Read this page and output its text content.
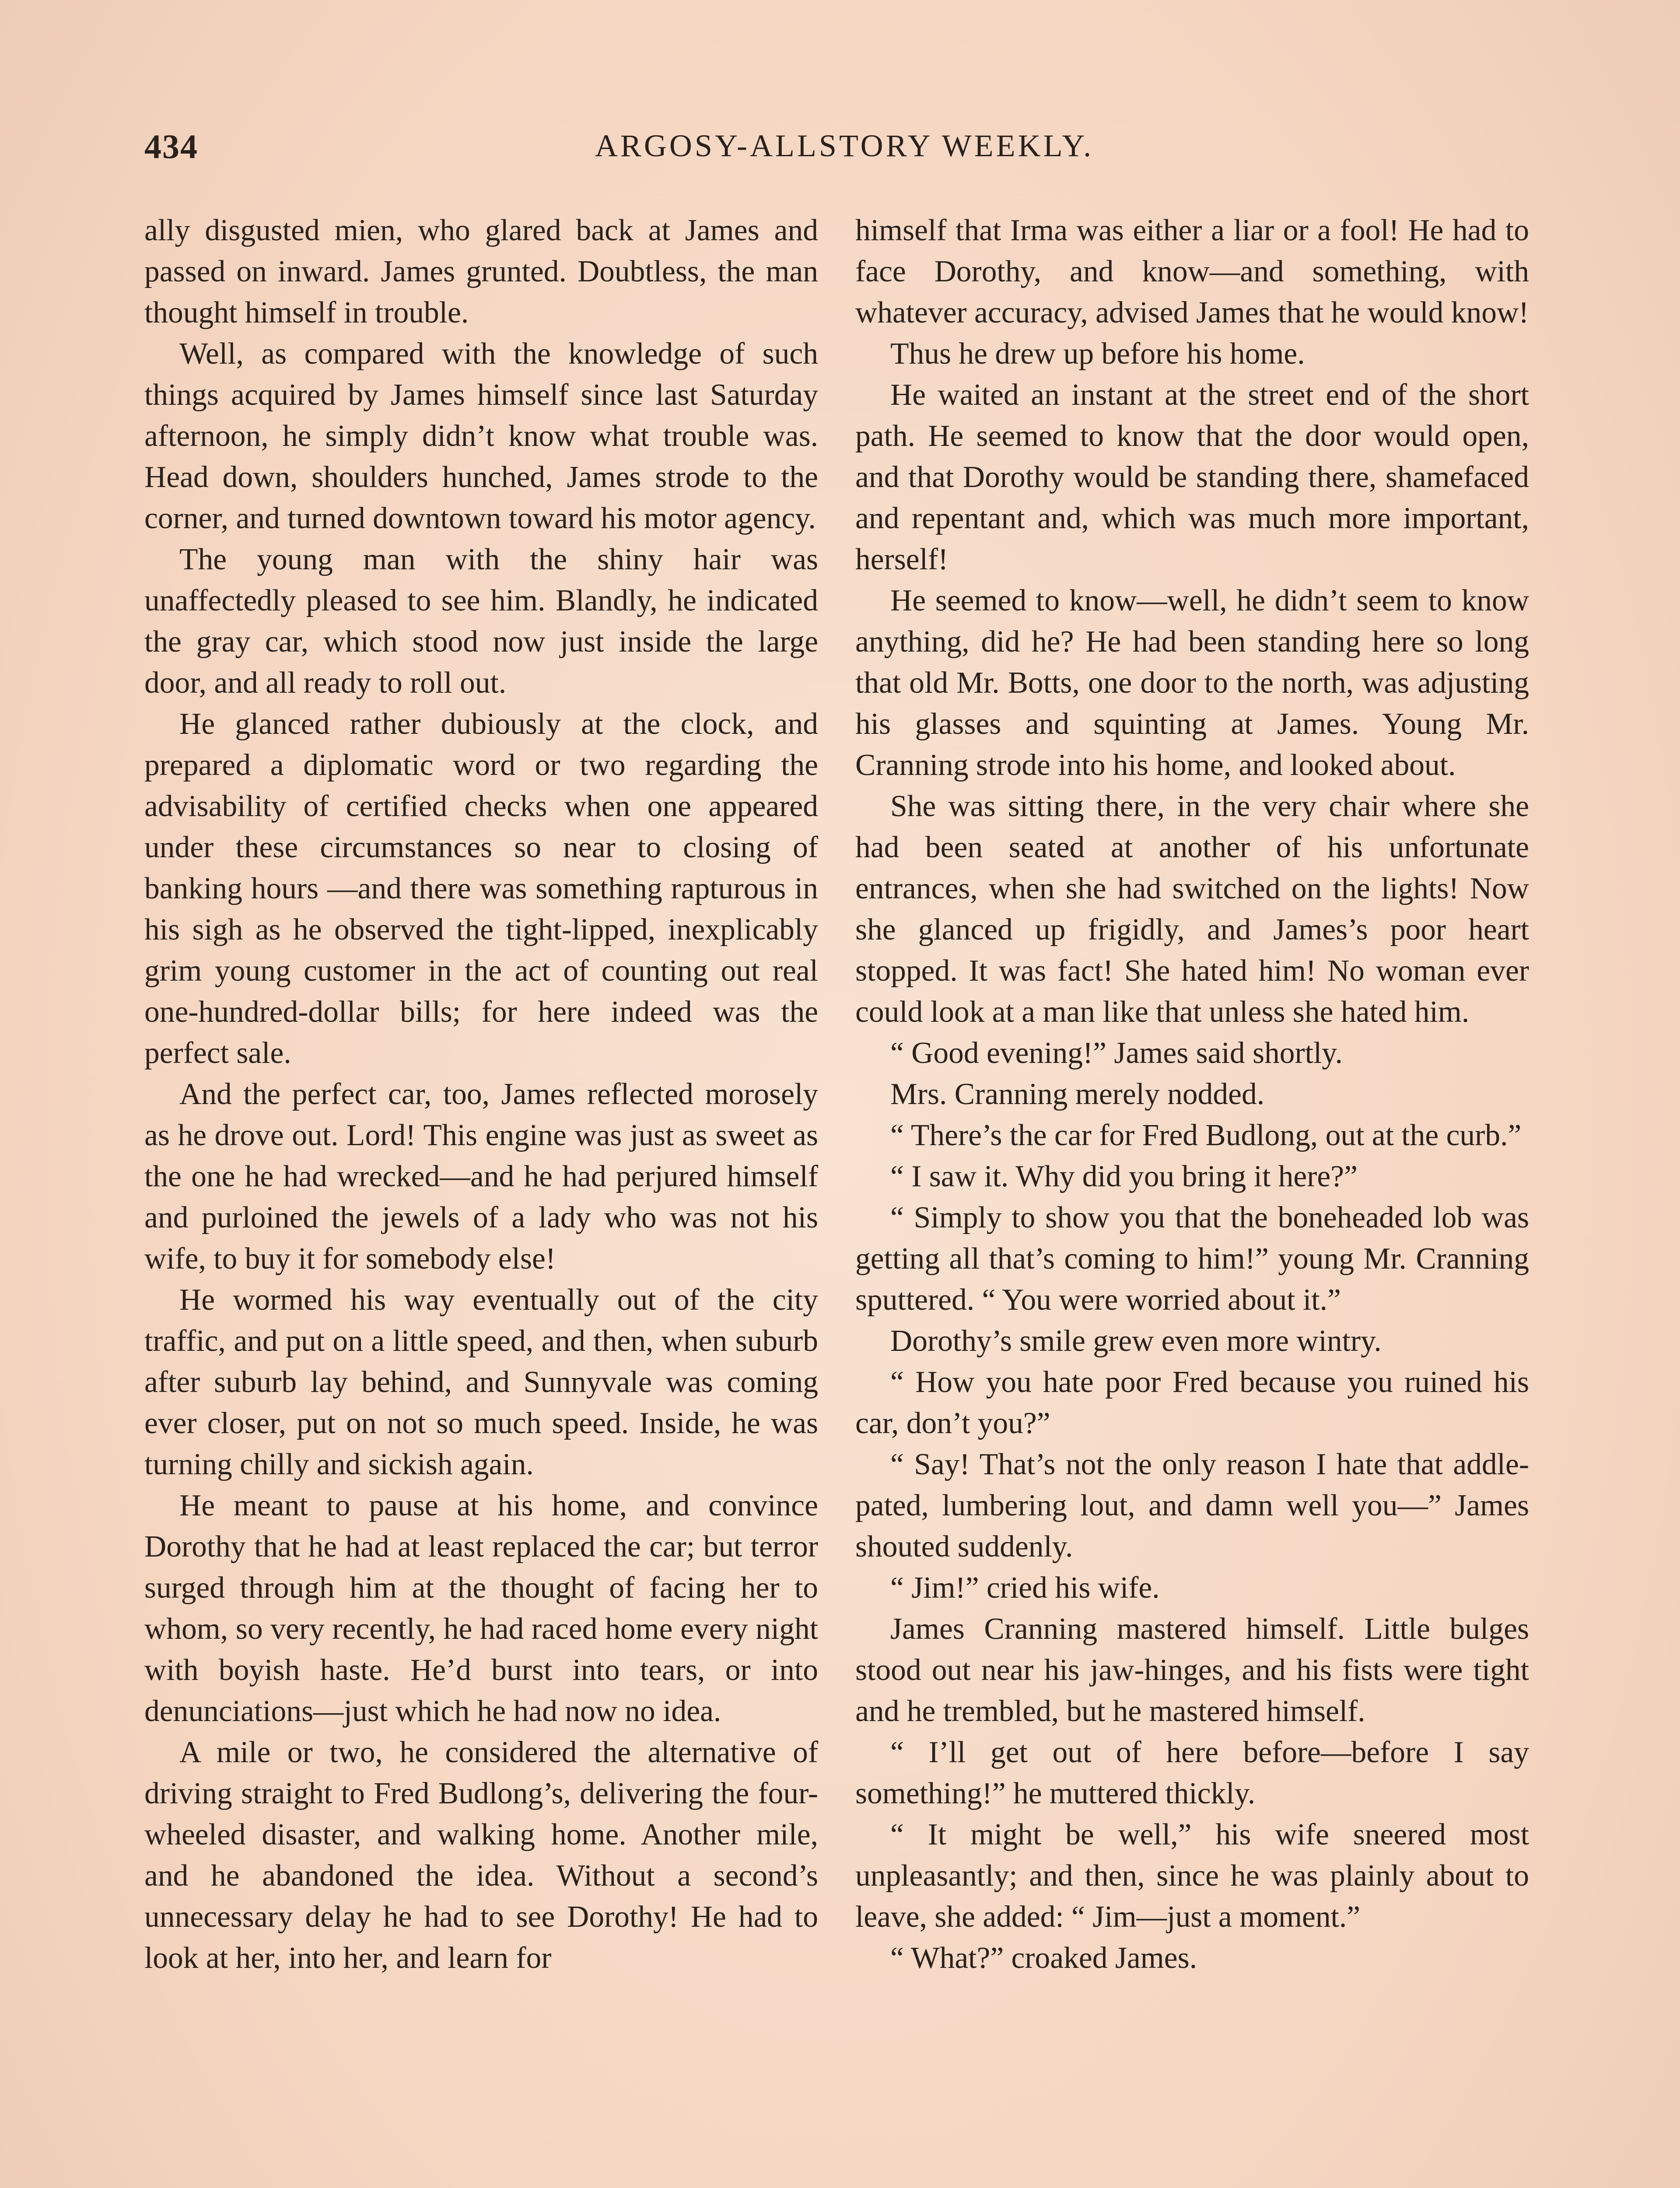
434	ARGOSY-ALLSTORY WEEKLY.

ally disgusted mien, who glared back at James and passed on inward. James grunted. Doubtless, the man thought himself in trouble.

Well, as compared with the knowledge of such things acquired by James himself since last Saturday afternoon, he simply didn’t know what trouble was. Head down, shoulders hunched, James strode to the corner, and turned downtown toward his motor agency.

The young man with the shiny hair was unaffectedly pleased to see him. Blandly, he indicated the gray car, which stood now just inside the large door, and all ready to roll out.

He glanced rather dubiously at the clock, and prepared a diplomatic word or two regarding the advisability of certified checks when one appeared under these circumstances so near to closing of banking hours —and there was something rapturous in his sigh as he observed the tight-lipped, inexplicably grim young customer in the act of counting out real one-hundred-dollar bills; for here indeed was the perfect sale.

And the perfect car, too, James reflected morosely as he drove out. Lord! This engine was just as sweet as the one he had wrecked—and he had perjured himself and purloined the jewels of a lady who was not his wife, to buy it for somebody else!

He wormed his way eventually out of the city traffic, and put on a little speed, and then, when suburb after suburb lay behind, and Sunnyvale was coming ever closer, put on not so much speed. Inside, he was turning chilly and sickish again.

He meant to pause at his home, and convince Dorothy that he had at least replaced the car; but terror surged through him at the thought of facing her to whom, so very recently, he had raced home every night with boyish haste. He’d burst into tears, or into denunciations—just which he had now no idea.

A mile or two, he considered the alternative of driving straight to Fred Budlong’s, delivering the four-wheeled disaster, and walking home. Another mile, and he abandoned the idea. Without a second’s unnecessary delay he had to see Dorothy! He had to look at her, into her, and learn for

himself that Irma was either a liar or a fool! He had to face Dorothy, and know—and something, with whatever accuracy, advised James that he would know!

Thus he drew up before his home.

He waited an instant at the street end of the short path. He seemed to know that the door would open, and that Dorothy would be standing there, shamefaced and repentant and, which was much more important, herself!

He seemed to know—well, he didn’t seem to know anything, did he? He had been standing here so long that old Mr. Botts, one door to the north, was adjusting his glasses and squinting at James. Young Mr. Cranning strode into his home, and looked about.

She was sitting there, in the very chair where she had been seated at another of his unfortunate entrances, when she had switched on the lights! Now she glanced up frigidly, and James’s poor heart stopped. It was fact! She hated him! No woman ever could look at a man like that unless she hated him.

“ Good evening!” James said shortly.

Mrs. Cranning merely nodded.

“ There’s the car for Fred Budlong, out at the curb.”

“ I saw it. Why did you bring it here?”

“ Simply to show you that the boneheaded lob was getting all that’s coming to him!” young Mr. Cranning sputtered. “ You were worried about it.”

Dorothy’s smile grew even more wintry.

“ How you hate poor Fred because you ruined his car, don’t you?”

“ Say! That’s not the only reason I hate that addle-pated, lumbering lout, and damn well you—” James shouted suddenly.

“ Jim!” cried his wife.

James Cranning mastered himself. Little bulges stood out near his jaw-hinges, and his fists were tight and he trembled, but he mastered himself.

“ I’ll get out of here before—before I say something!” he muttered thickly.

“ It might be well,” his wife sneered most unpleasantly; and then, since he was plainly about to leave, she added: “ Jim—just a moment.”

“ What?” croaked James.
